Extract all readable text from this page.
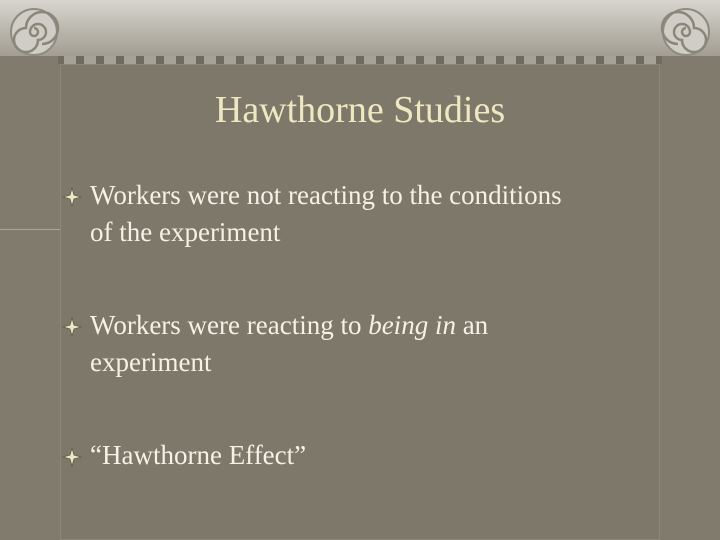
Hawthorne Studies
Workers were not reacting to the conditions
of the experiment
Workers were reacting to being in an
experiment
“Hawthorne Effect”
